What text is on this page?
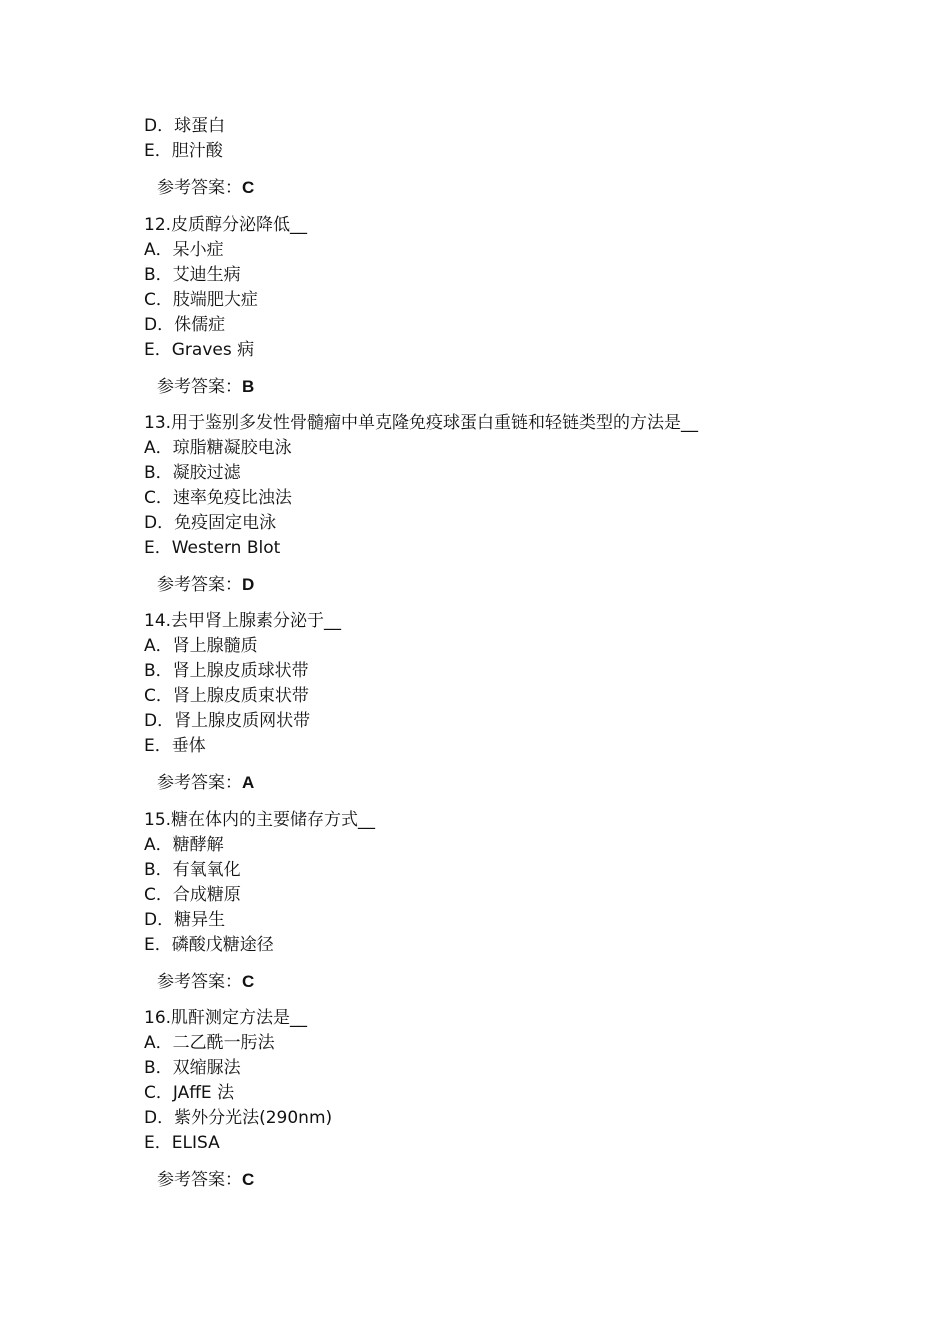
D．球蛋白
E．胆汁酸
参考答案：C
12.皮质醇分泌降低__
A．呆小症
B．艾迪生病
C．肢端肥大症
D．侏儒症
E．Graves 病
参考答案：B
13.用于鉴别多发性骨髓瘤中单克隆免疫球蛋白重链和轻链类型的方法是__
A．琼脂糖凝胶电泳
B．凝胶过滤
C．速率免疫比浊法
D．免疫固定电泳
E．Western Blot
参考答案：D
14.去甲肾上腺素分泌于__
A．肾上腺髓质
B．肾上腺皮质球状带
C．肾上腺皮质束状带
D．肾上腺皮质网状带
E．垂体
参考答案：A
15.糖在体内的主要储存方式__
A．糖酵解
B．有氧氧化
C．合成糖原
D．糖异生
E．磷酸戊糖途径
参考答案：C
16.肌酐测定方法是__
A．二乙酰一肟法
B．双缩脲法
C．JAffE 法
D．紫外分光法(290nm)
E．ELISA
参考答案：C
